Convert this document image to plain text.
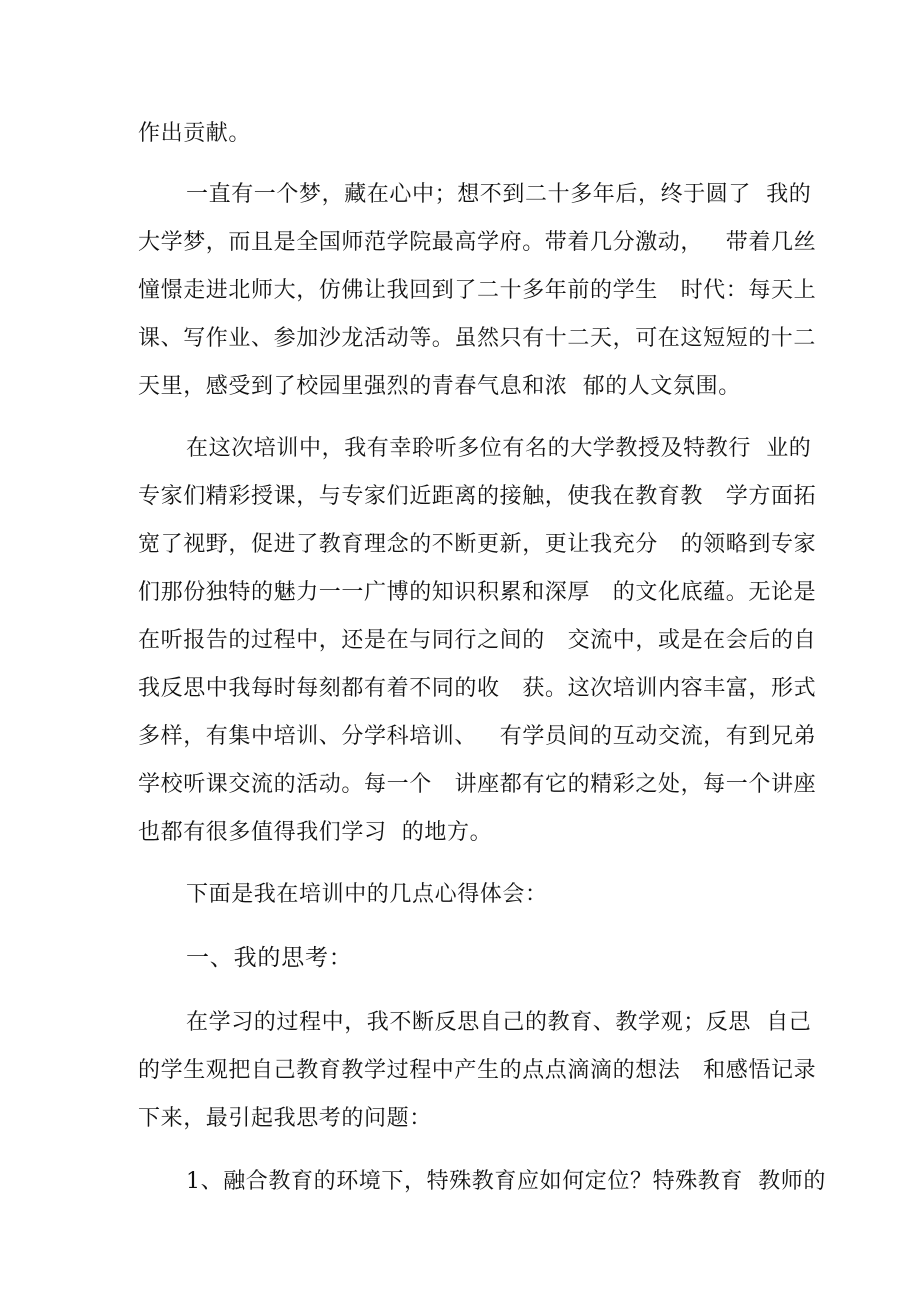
作出贡献。
一直有一个梦，藏在心中；想不到二十多年后，终于圆了  我的
大学梦，而且是全国师范学院最高学府。带着几分激动，   带着几丝
憧憬走进北师大，仿佛让我回到了二十多年前的学生   时代：每天上
课、写作业、参加沙龙活动等。虽然只有十二天，可在这短短的十二
天里，感受到了校园里强烈的青春气息和浓  郁的人文氛围。
在这次培训中，我有幸聆听多位有名的大学教授及特教行  业的
专家们精彩授课，与专家们近距离的接触，使我在教育教   学方面拓
宽了视野，促进了教育理念的不断更新，更让我充分   的领略到专家
们那份独特的魅力一一广博的知识积累和深厚   的文化底蕴。无论是
在听报告的过程中，还是在与同行之间的   交流中，或是在会后的自
我反思中我每时每刻都有着不同的收   获。这次培训内容丰富，形式
多样，有集中培训、分学科培训、   有学员间的互动交流，有到兄弟
学校听课交流的活动。每一个   讲座都有它的精彩之处，每一个讲座
也都有很多值得我们学习  的地方。
下面是我在培训中的几点心得体会：
一、我的思考：
在学习的过程中，我不断反思自己的教育、教学观；反思  自己
的学生观把自己教育教学过程中产生的点点滴滴的想法   和感悟记录
下来，最引起我思考的问题：
1、融合教育的环境下，特殊教育应如何定位？特殊教育  教师的
